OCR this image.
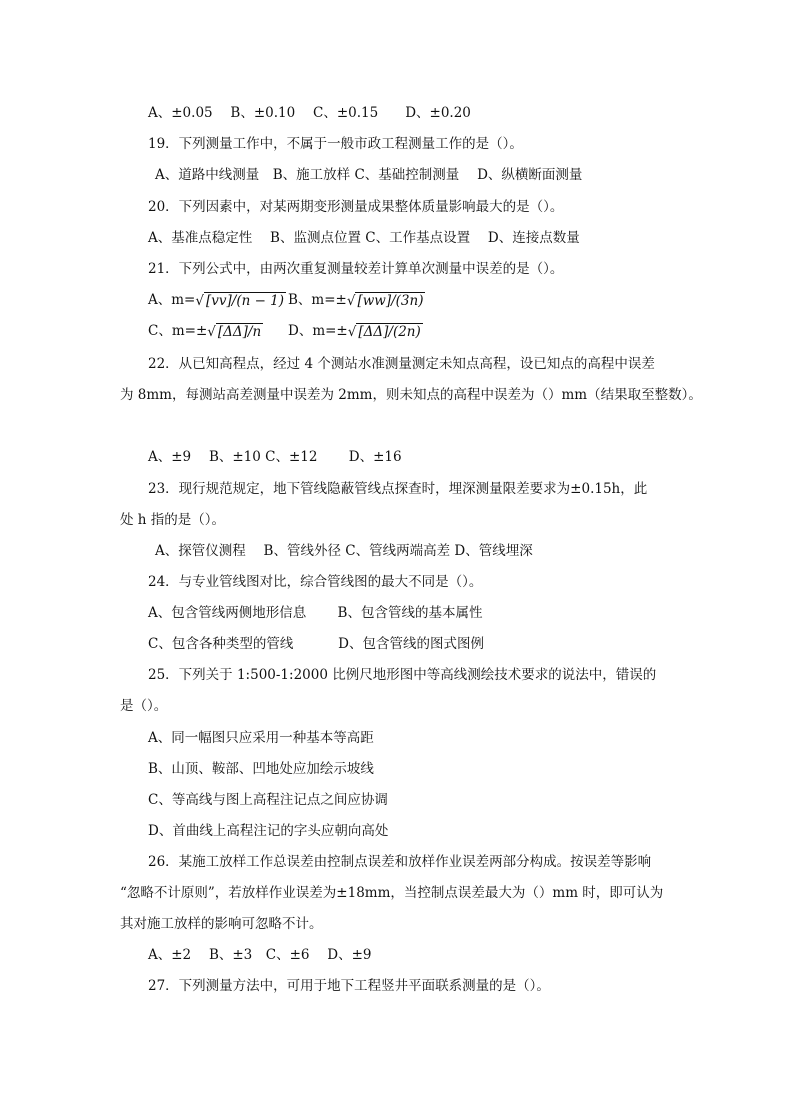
A、±0.05　 B、±0.10　 C、±0.15　　D、±0.20
19．下列测量工作中，不属于一般市政工程测量工作的是（）。
A、道路中线测量　B、施工放样 C、基础控制测量　 D、纵横断面测量
20．下列因素中，对某两期变形测量成果整体质量影响最大的是（）。
A、基准点稳定性　 B、监测点位置 C、工作基点设置　 D、连接点数量
21．下列公式中，由两次重复测量较差计算单次测量中误差的是（）。
A、m=√ [vv]/(n − 1) B、m=±√ [ww]/(3n)
C、m=±√ [ΔΔ]/n D、m=±√ [ΔΔ]/(2n)
22．从已知高程点，经过 4 个测站水准测量测定未知点高程，设已知点的高程中误差
为 8mm，每测站高差测量中误差为 2mm，则未知点的高程中误差为（）mm（结果取至整数）。
A、±9　 B、±10 C、±12　　 D、±16
23．现行规范规定，地下管线隐蔽管线点探查时，埋深测量限差要求为±0.15h，此
处 h 指的是（）。
A、探管仪测程　 B、管线外径 C、管线两端高差 D、管线埋深
24．与专业管线图对比，综合管线图的最大不同是（）。
A、包含管线两侧地形信息　　 B、包含管线的基本属性
C、包含各种类型的管线　　　 D、包含管线的图式图例
25．下列关于 1:500-1:2000 比例尺地形图中等高线测绘技术要求的说法中，错误的
是（）。
A、同一幅图只应采用一种基本等高距
B、山顶、鞍部、凹地处应加绘示坡线
C、等高线与图上高程注记点之间应协调
D、首曲线上高程注记的字头应朝向高处
26．某施工放样工作总误差由控制点误差和放样作业误差两部分构成。按误差等影响
“忽略不计原则”，若放样作业误差为±18mm，当控制点误差最大为（）mm 时，即可认为
其对施工放样的影响可忽略不计。
A、±2　 B、±3　C、±6　 D、±9
27．下列测量方法中，可用于地下工程竖井平面联系测量的是（）。
